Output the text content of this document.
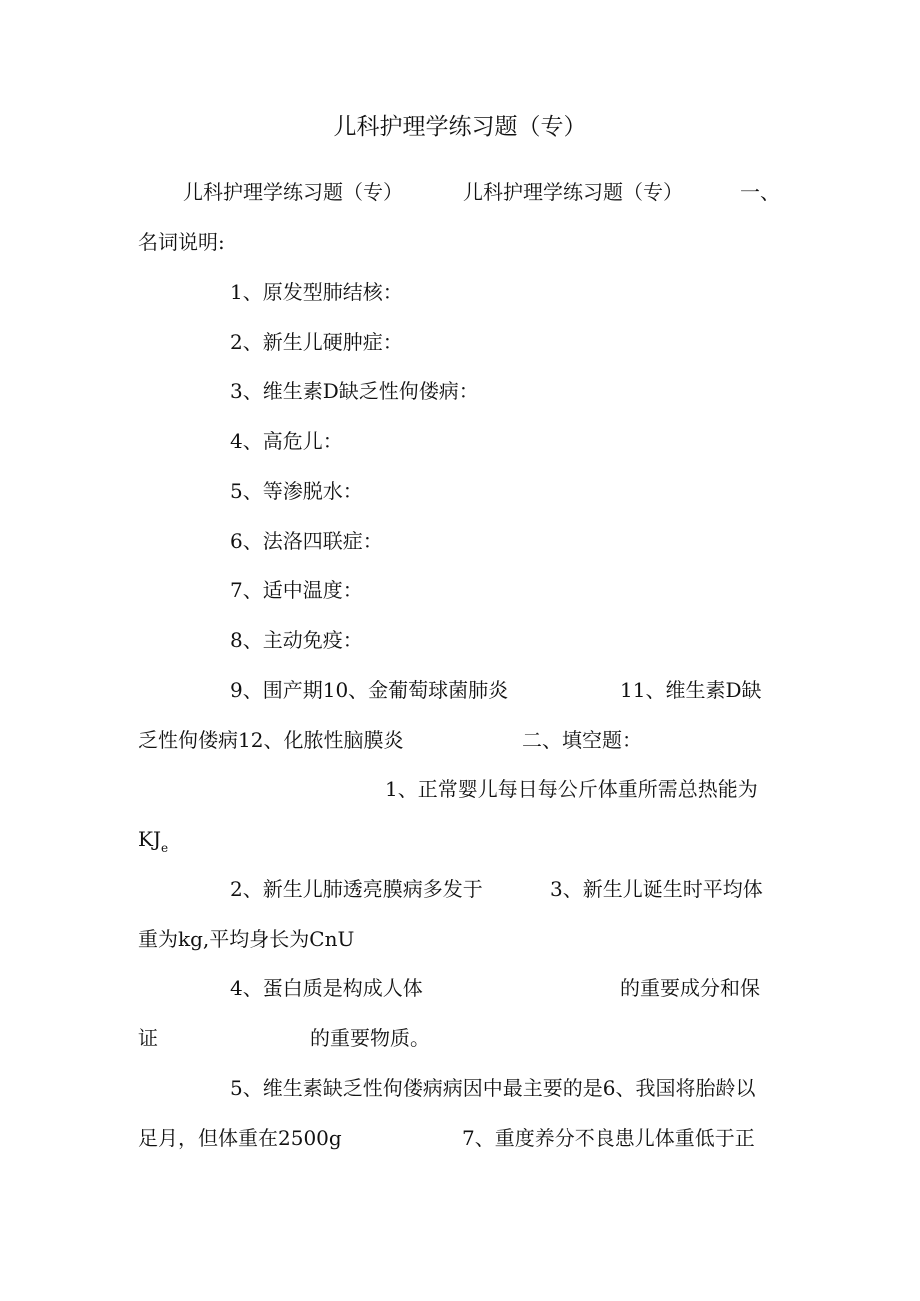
儿科护理学练习题（专）
儿科护理学练习题（专）	儿科护理学练习题（专）	一、
名词说明:
1、原发型肺结核：
2、新生儿硬肿症：
3、维生素D缺乏性佝偻病：
4、高危儿：
5、等渗脱水：
6、法洛四联症：
7、适中温度：
8、主动免疫：
9、围产期10、金葡萄球菌肺炎	11、维生素D缺
乏性佝偻病12、化脓性脑膜炎	二、填空题：
1、正常婴儿每日每公斤体重所需总热能为
$KJ_e$
2、新生儿肺透亮膜病多发于	3、新生儿诞生时平均体
重为kg,平均身长为CnU
4、蛋白质是构成人体	的重要成分和保
证	的重要物质。
5、维生素缺乏性佝偻病病因中最主要的是6、我国将胎龄以
足月，但体重在2500g	7、重度养分不良患儿体重低于正
